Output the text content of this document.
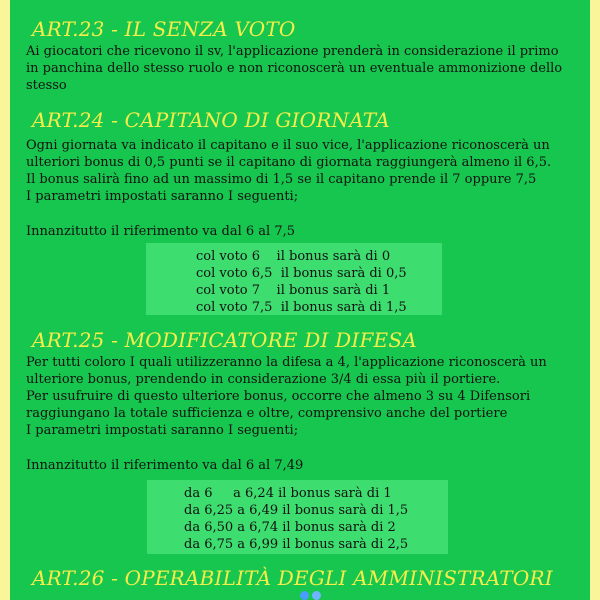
ART.23 - IL SENZA VOTO

Ai giocatori che ricevono il sv, l'applicazione prenderà in considerazione il primo

in panchina dello stesso ruolo e non riconoscerà un eventuale ammonizione dello

stesso

ART.24 - CAPITANO DI GIORNATA

Ogni giornata va indicato il capitano e il suo vice, l'applicazione riconoscerà un

ulteriori bonus di 0,5 punti se il capitano di giornata raggiungerà almeno il 6,5.

Il bonus salirà fino ad un massimo di 1,5 se il capitano prende il 7 oppure 7,5

I parametri impostati saranno I seguenti;

Innanzitutto il riferimento va dal 6 al 7,5

col voto 6    il bonus sarà di 0

col voto 6,5  il bonus sarà di 0,5

col voto 7    il bonus sarà di 1

col voto 7,5  il bonus sarà di 1,5

ART.25 - MODIFICATORE DI DIFESA

Per tutti coloro I quali utilizzeranno la difesa a 4, l'applicazione riconoscerà un

ulteriore bonus, prendendo in considerazione 3/4 di essa più il portiere.

Per usufruire di questo ulteriore bonus, occorre che almeno 3 su 4 Difensori

raggiungano la totale sufficienza e oltre, comprensivo anche del portiere

I parametri impostati saranno I seguenti;

Innanzitutto il riferimento va dal 6 al 7,49

da 6     a 6,24 il bonus sarà di 1

da 6,25 a 6,49 il bonus sarà di 1,5

da 6,50 a 6,74 il bonus sarà di 2

da 6,75 a 6,99 il bonus sarà di 2,5

ART.26 - OPERABILITÀ DEGLI AMMINISTRATORI
